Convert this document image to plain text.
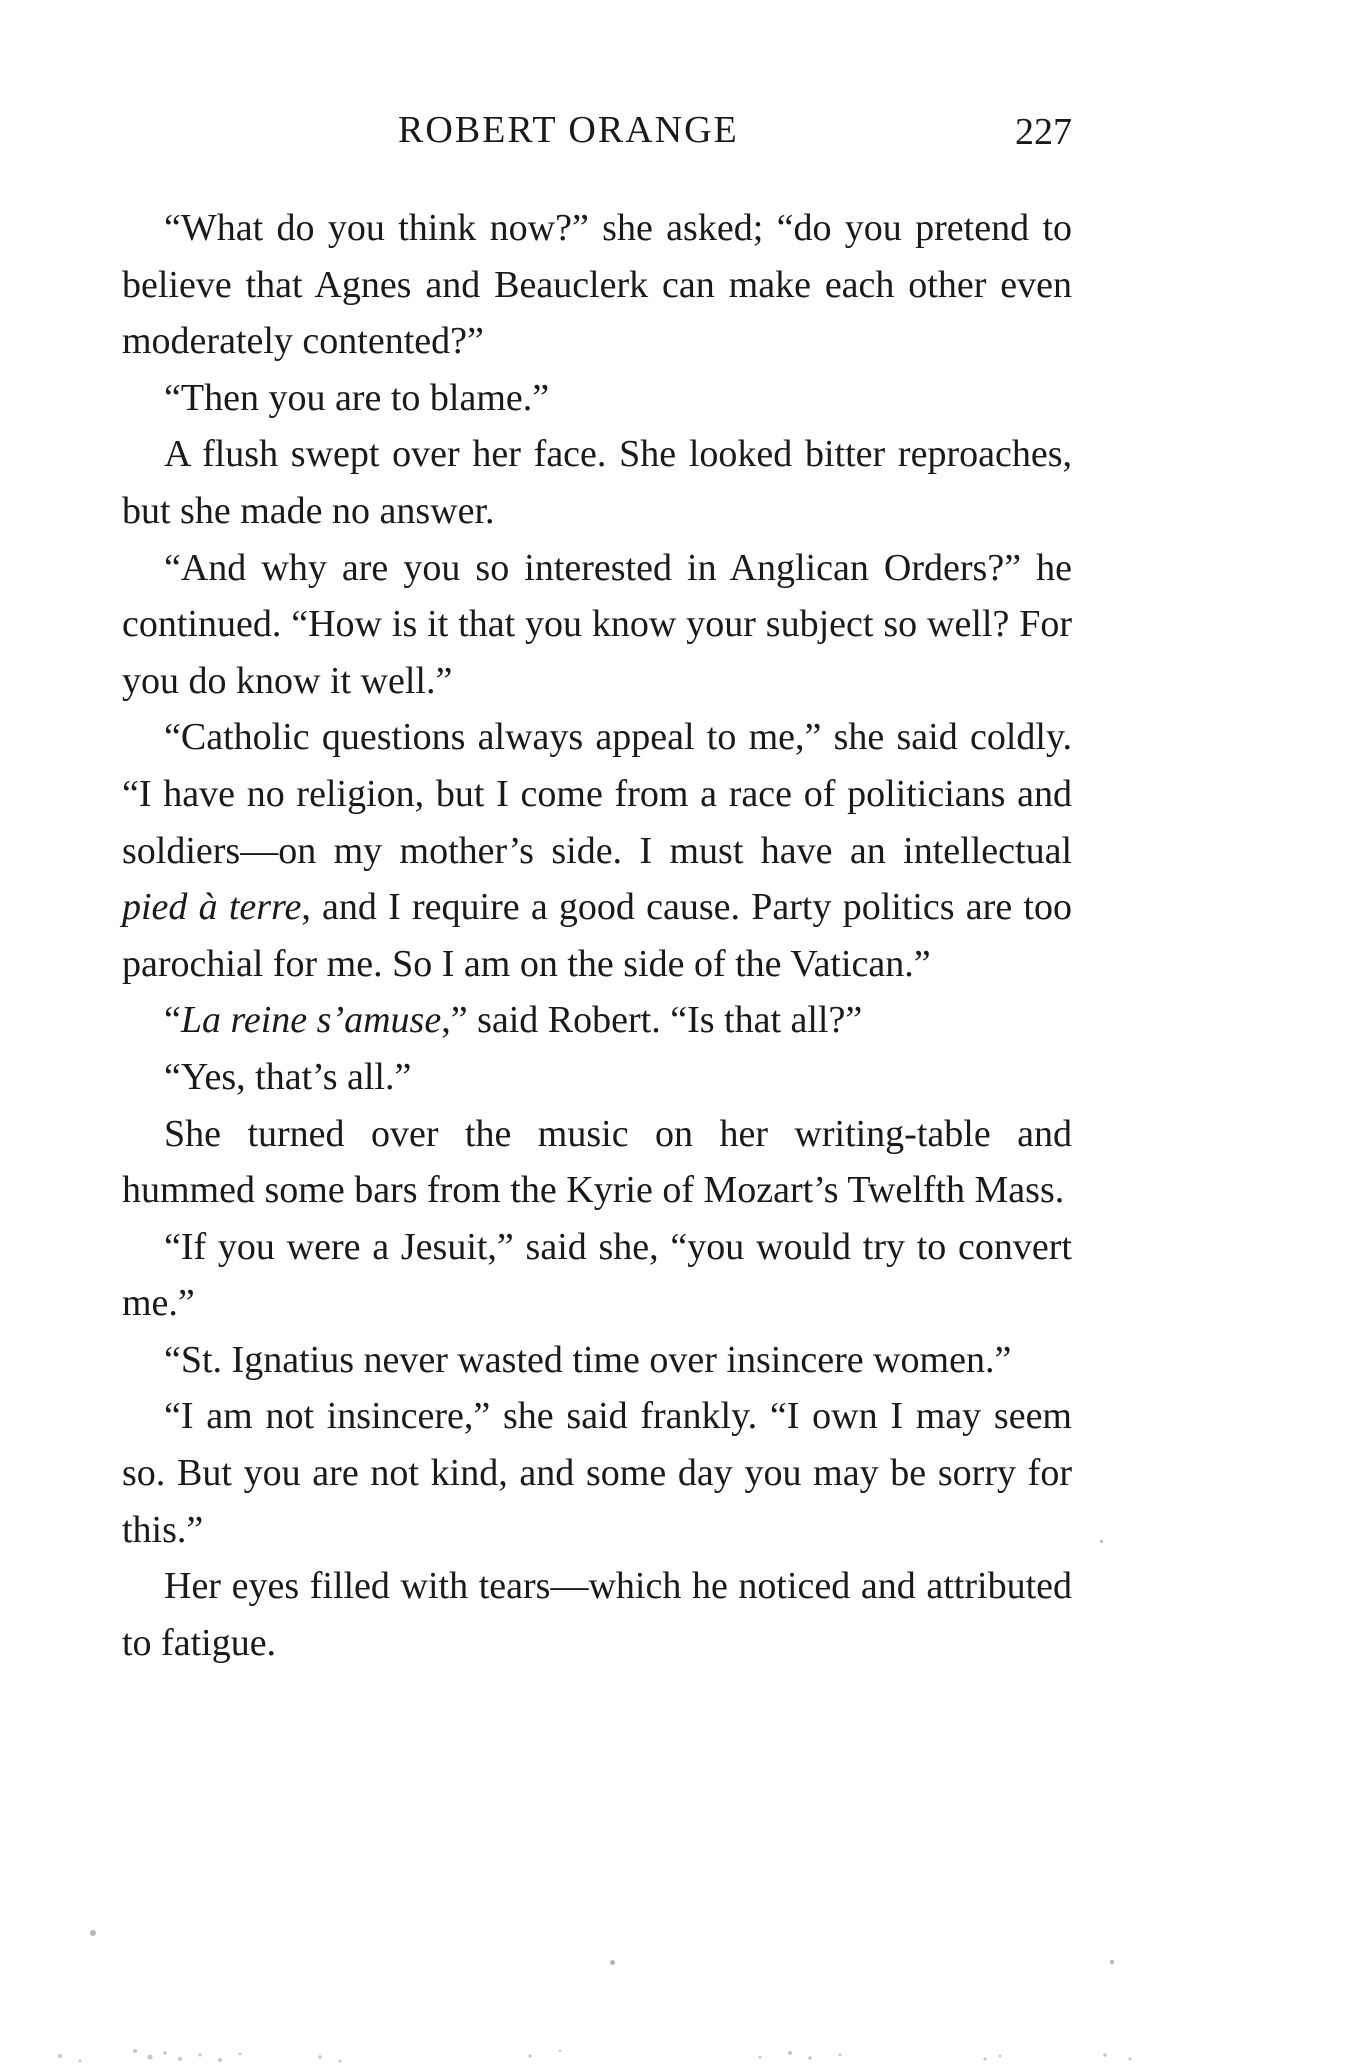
ROBERT ORANGE	227

“What do you think now?” she asked; “do you pretend to believe that Agnes and Beauclerk can make each other even moderately contented?”

“Then you are to blame.”

A flush swept over her face. She looked bitter reproaches, but she made no answer.

“And why are you so interested in Anglican Orders?” he continued. “How is it that you know your subject so well? For you do know it well.”

“Catholic questions always appeal to me,” she said coldly. “I have no religion, but I come from a race of politicians and soldiers—on my mother’s side. I must have an intellectual pied à terre, and I require a good cause. Party politics are too parochial for me. So I am on the side of the Vatican.”

“La reine s’amuse,” said Robert. “Is that all?”

“Yes, that’s all.”

She turned over the music on her writing-table and hummed some bars from the Kyrie of Mozart’s Twelfth Mass.

“If you were a Jesuit,” said she, “you would try to convert me.”

“St. Ignatius never wasted time over insincere women.”

“I am not insincere,” she said frankly. “I own I may seem so. But you are not kind, and some day you may be sorry for this.”

Her eyes filled with tears—which he noticed and attributed to fatigue.
